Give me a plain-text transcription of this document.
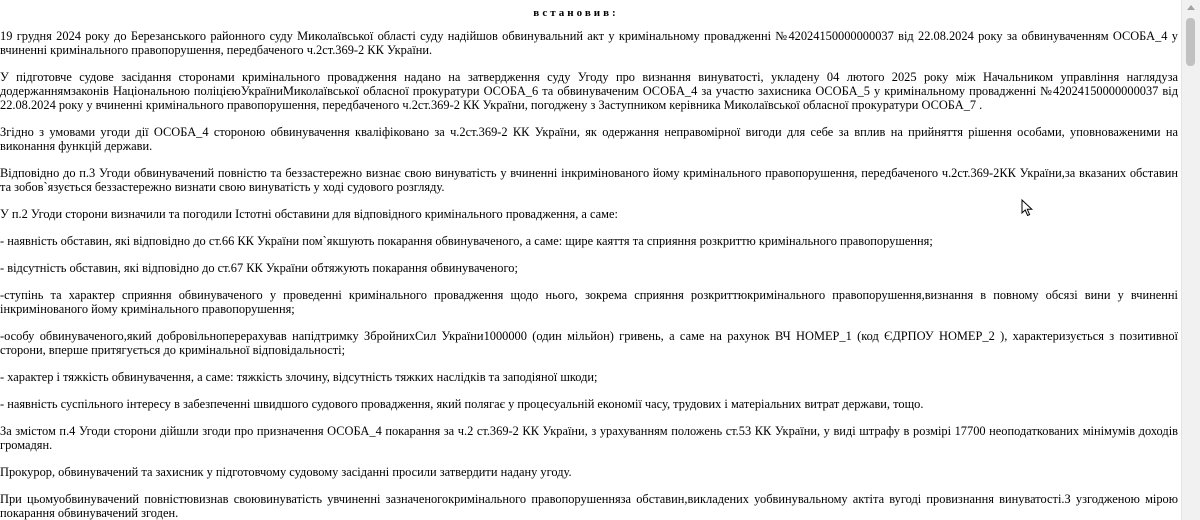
встановив:

19 грудня 2024 року до Березанського районного суду Миколаївської області суду надійшов обвинувальний акт у кримінальному провадженні №42024150000000037 від 22.08.2024 року за обвинуваченням ОСОБА_4 у вчиненні кримінального правопорушення, передбаченого ч.2ст.369-2 КК України.

У підготовче судове засідання сторонами кримінального провадження надано на затвердження суду Угоду про визнання винуватості, укладену 04 лютого 2025 року між Начальником управління наглядуза додержаннямзаконів Національною поліцієюУкраїниМиколаївської обласної прокуратури ОСОБА_6 та обвинуваченим ОСОБА_4 за участю захисника ОСОБА_5 у кримінальному провадженні №42024150000000037 від 22.08.2024 року у вчиненні кримінального правопорушення, передбаченого ч.2ст.369-2 КК України, погоджену з Заступником керівника Миколаївської обласної прокуратури ОСОБА_7 .

Згідно з умовами угоди дії ОСОБА_4 стороною обвинувачення кваліфіковано за ч.2ст.369-2 КК України, як одержання неправомірної вигоди для себе за вплив на прийняття рішення особами, уповноваженими на виконання функцій держави.

Відповідно до п.3 Угоди обвинувачений повністю та беззастережно визнає свою винуватість у вчиненні інкримінованого йому кримінального правопорушення, передбаченого ч.2ст.369-2КК України,за вказаних обставин та зобов`язується беззастережно визнати свою винуватість у ході судового розгляду.

У п.2 Угоди сторони визначили та погодили Істотні обставини для відповідного кримінального провадження, а саме:

- наявність обставин, які відповідно до ст.66 КК України пом`якшують покарання обвинуваченого, а саме: щире каяття та сприяння розкриттю кримінального правопорушення;

- відсутність обставин, які відповідно до ст.67 КК України обтяжують покарання обвинуваченого;

-ступінь та характер сприяння обвинуваченого у проведенні кримінального провадження щодо нього, зокрема сприяння розкриттюкримінального правопорушення,визнання в повному обсязі вини у вчиненні інкримінованого йому кримінального правопорушення;

-особу обвинуваченого,який добровільноперерахував напідтримку ЗбройнихСил України1000000 (один мільйон) гривень, а саме на рахунок ВЧ НОМЕР_1 (код ЄДРПОУ НОМЕР_2 ), характеризується з позитивної сторони, вперше притягується до кримінальної відповідальності;

- характер і тяжкість обвинувачення, а саме: тяжкість злочину, відсутність тяжких наслідків та заподіяної шкоди;

- наявність суспільного інтересу в забезпеченні швидшого судового провадження, який полягає у процесуальній економії часу, трудових і матеріальних витрат держави, тощо.

За змістом п.4 Угоди сторони дійшли згоди про призначення ОСОБА_4 покарання за ч.2 ст.369-2 КК України, з урахуванням положень ст.53 КК України, у виді штрафу в розмірі 17700 неоподаткованих мінімумів доходів громадян.

Прокурор, обвинувачений та захисник у підготовчому судовому засіданні просили затвердити надану угоду.

При цьомуобвинувачений повністювизнав своювинуватість увчиненні зазначеногокримінального правопорушенняза обставин,викладених уобвинувальному актіта вугоді провизнання винуватості.З узгодженою мірою покарання обвинувачений згоден.
